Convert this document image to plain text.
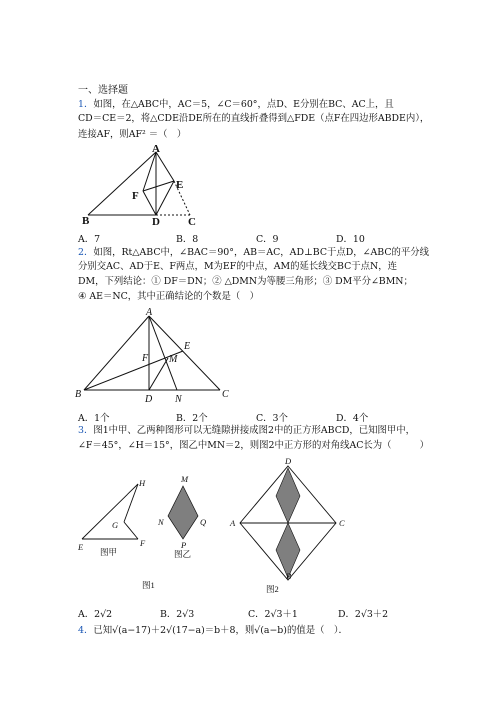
一、选择题
1．如图，在△ABC中，AC＝5，∠C＝60°，点D、E分别在BC、AC上，且
CD＝CE＝2，将△CDE沿DE所在的直线折叠得到△FDE（点F在四边形ABDE内），
连接AF，则AF² ＝（　）
A
B	D	C
E
F
A．7	B．8	C．9	D．10
2．如图，Rt△ABC中，∠BAC＝90°，AB＝AC，AD⊥BC于点D，∠ABC的平分线
分别交AC、AD于E、F两点，M为EF的中点，AM的延长线交BC于点N，连
DM，下列结论：① DF＝DN；② △DMN为等腰三角形；③ DM平分∠BMN；
④ AE＝NC，其中正确结论的个数是（　）
A
B	C
D N
E
F M
A．1个	B．2个	C．3个	D．4个
3．图1中甲、乙两种图形可以无缝隙拼接成图2中的正方形ABCD，已知图甲中，
∠F＝45°，∠H＝15°，图乙中MN＝2，则图2中正方形的对角线AC长为（　　　）
H
G
E	F
M
N	Q
P
D
A	C
B
图甲	图乙
图1	图2
A．2√2	B．2√3	C．2√3＋1	D．2√3＋2
4．已知√(a−17)＋2√(17−a)＝b＋8，则√(a−b)的值是（　）．
